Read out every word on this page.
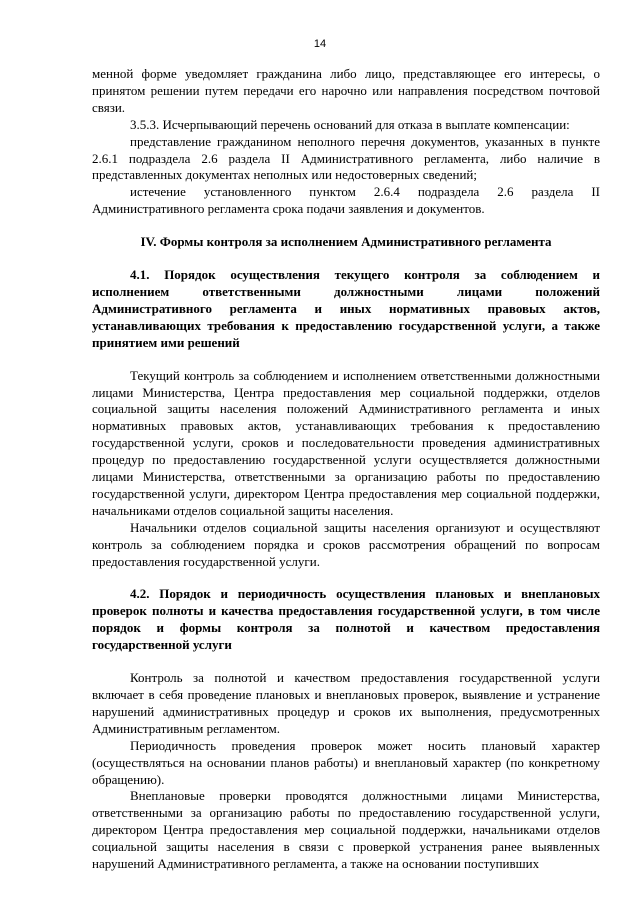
14

менной форме уведомляет гражданина либо лицо, представляющее его интересы, о принятом решении путем передачи его нарочно или направления посредством почтовой связи.

3.5.3. Исчерпывающий перечень оснований для отказа в выплате компенсации:

представление гражданином неполного перечня документов, указанных в пункте 2.6.1 подраздела 2.6 раздела II Административного регламента, либо наличие в представленных документах неполных или недостоверных сведений;

истечение установленного пунктом 2.6.4 подраздела 2.6 раздела II Административного регламента срока подачи заявления и документов.

IV. Формы контроля за исполнением Административного регламента

4.1. Порядок осуществления текущего контроля за соблюдением и исполнением ответственными должностными лицами положений Административного регламента и иных нормативных правовых актов, устанавливающих требования к предоставлению государственной услуги, а также принятием ими решений

Текущий контроль за соблюдением и исполнением ответственными должностными лицами Министерства, Центра предоставления мер социальной поддержки, отделов социальной защиты населения положений Административного регламента и иных нормативных правовых актов, устанавливающих требования к предоставлению государственной услуги, сроков и последовательности проведения административных процедур по предоставлению государственной услуги осуществляется должностными лицами Министерства, ответственными за организацию работы по предоставлению государственной услуги, директором Центра предоставления мер социальной поддержки, начальниками отделов социальной защиты населения.

Начальники отделов социальной защиты населения организуют и осуществляют контроль за соблюдением порядка и сроков рассмотрения обращений по вопросам предоставления государственной услуги.

4.2. Порядок и периодичность осуществления плановых и внеплановых проверок полноты и качества предоставления государственной услуги, в том числе порядок и формы контроля за полнотой и качеством предоставления государственной услуги

Контроль за полнотой и качеством предоставления государственной услуги включает в себя проведение плановых и внеплановых проверок, выявление и устранение нарушений административных процедур и сроков их выполнения, предусмотренных Административным регламентом.

Периодичность проведения проверок может носить плановый характер (осуществляться на основании планов работы) и внеплановый характер (по конкретному обращению).

Внеплановые проверки проводятся должностными лицами Министерства, ответственными за организацию работы по предоставлению государственной услуги, директором Центра предоставления мер социальной поддержки, начальниками отделов социальной защиты населения в связи с проверкой устранения ранее выявленных нарушений Административного регламента, а также на основании поступивших
